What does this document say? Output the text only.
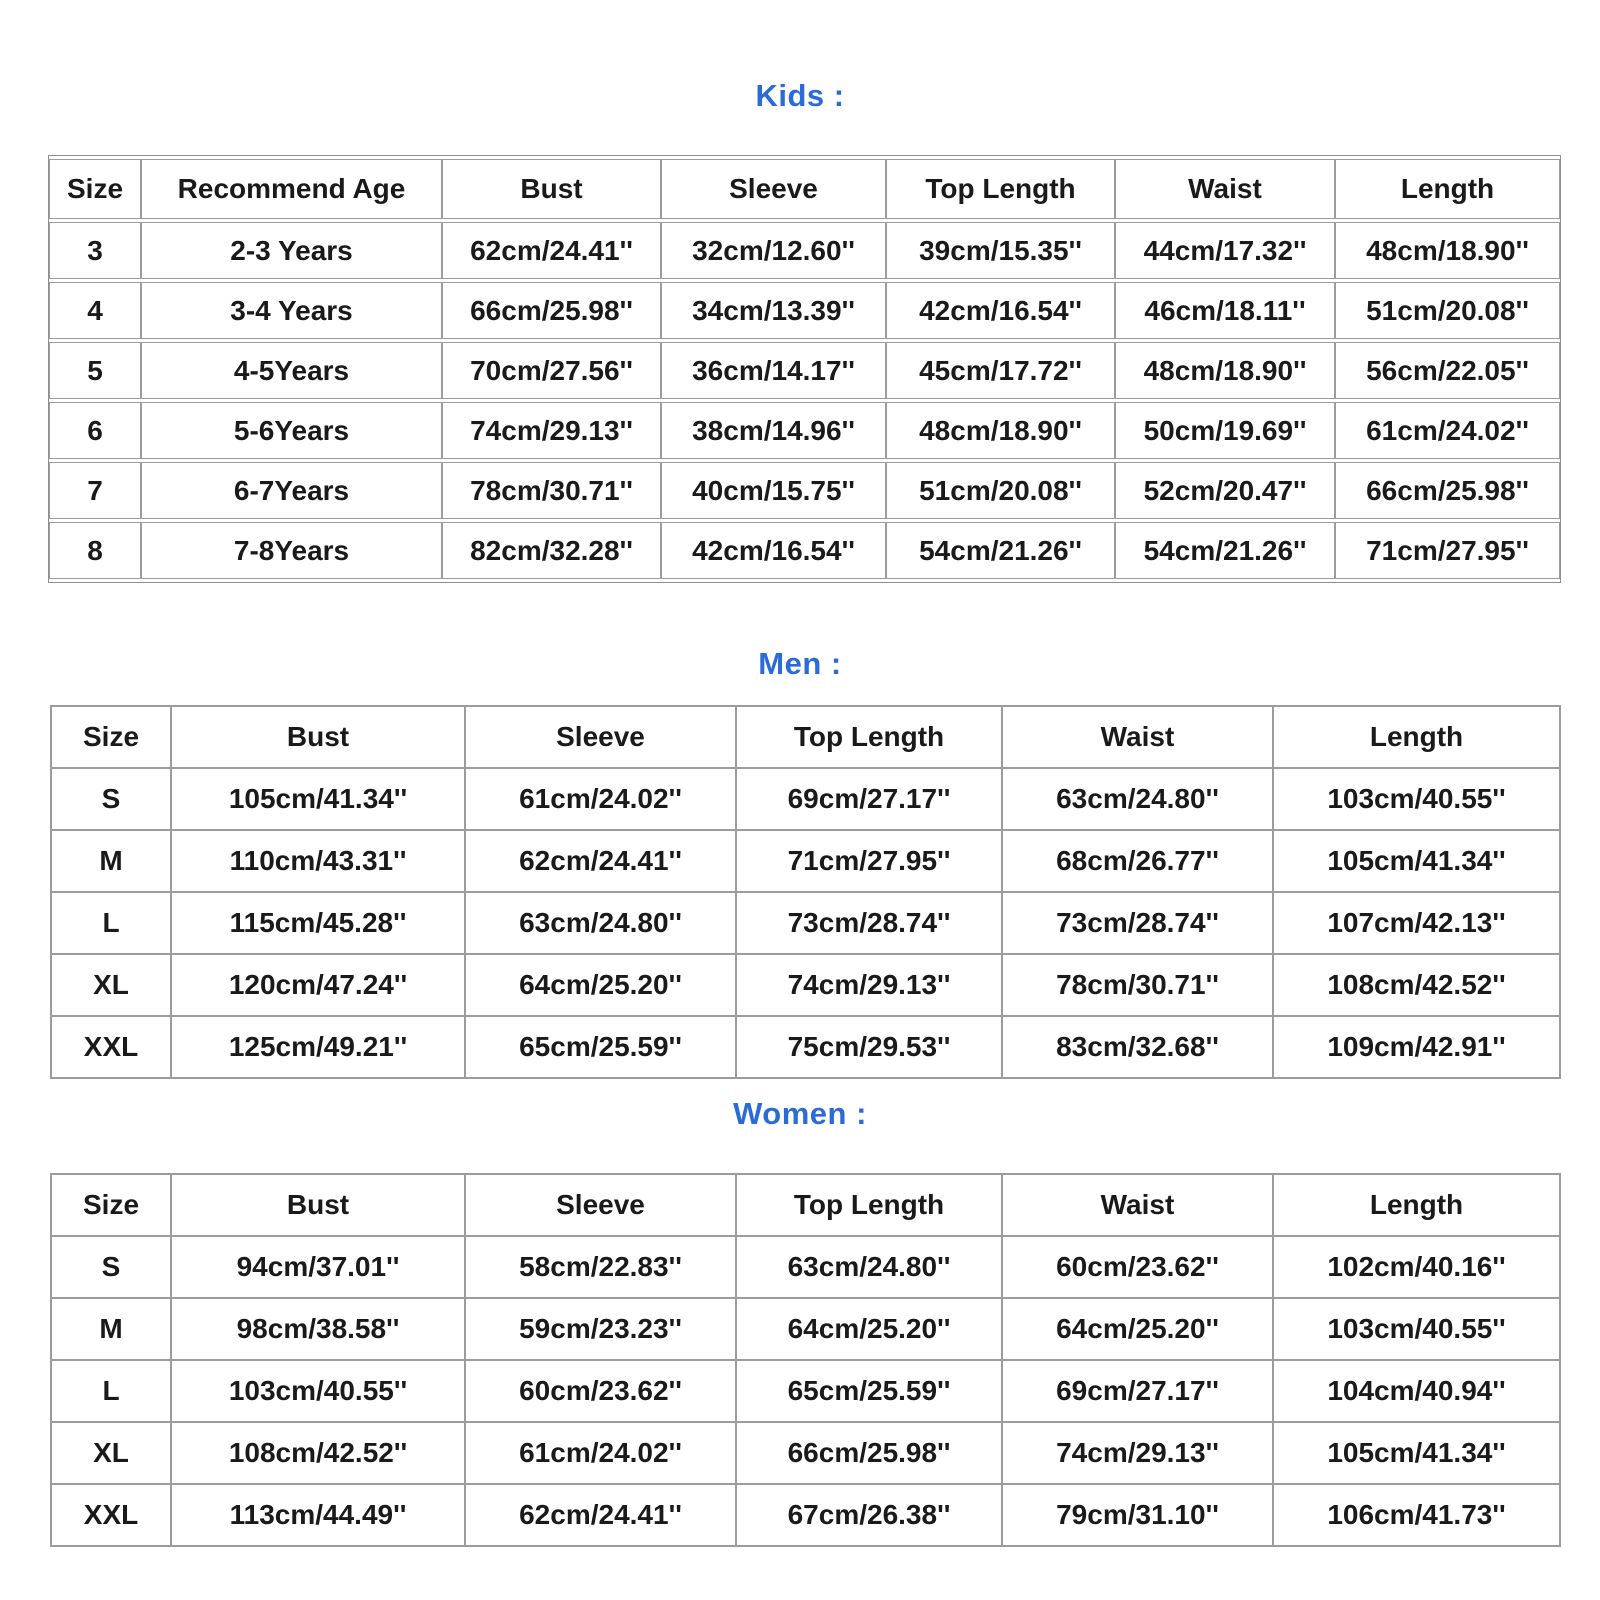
Kids :
Size	Recommend Age	Bust	Sleeve	Top Length	Waist	Length
3	2-3 Years	62cm/24.41''	32cm/12.60''	39cm/15.35''	44cm/17.32''	48cm/18.90''
4	3-4 Years	66cm/25.98''	34cm/13.39''	42cm/16.54''	46cm/18.11''	51cm/20.08''
5	4-5Years	70cm/27.56''	36cm/14.17''	45cm/17.72''	48cm/18.90''	56cm/22.05''
6	5-6Years	74cm/29.13''	38cm/14.96''	48cm/18.90''	50cm/19.69''	61cm/24.02''
7	6-7Years	78cm/30.71''	40cm/15.75''	51cm/20.08''	52cm/20.47''	66cm/25.98''
8	7-8Years	82cm/32.28''	42cm/16.54''	54cm/21.26''	54cm/21.26''	71cm/27.95''
Men :
Size	Bust	Sleeve	Top Length	Waist	Length
S	105cm/41.34''	61cm/24.02''	69cm/27.17''	63cm/24.80''	103cm/40.55''
M	110cm/43.31''	62cm/24.41''	71cm/27.95''	68cm/26.77''	105cm/41.34''
L	115cm/45.28''	63cm/24.80''	73cm/28.74''	73cm/28.74''	107cm/42.13''
XL	120cm/47.24''	64cm/25.20''	74cm/29.13''	78cm/30.71''	108cm/42.52''
XXL	125cm/49.21''	65cm/25.59''	75cm/29.53''	83cm/32.68''	109cm/42.91''
Women :
Size	Bust	Sleeve	Top Length	Waist	Length
S	94cm/37.01''	58cm/22.83''	63cm/24.80''	60cm/23.62''	102cm/40.16''
M	98cm/38.58''	59cm/23.23''	64cm/25.20''	64cm/25.20''	103cm/40.55''
L	103cm/40.55''	60cm/23.62''	65cm/25.59''	69cm/27.17''	104cm/40.94''
XL	108cm/42.52''	61cm/24.02''	66cm/25.98''	74cm/29.13''	105cm/41.34''
XXL	113cm/44.49''	62cm/24.41''	67cm/26.38''	79cm/31.10''	106cm/41.73''
